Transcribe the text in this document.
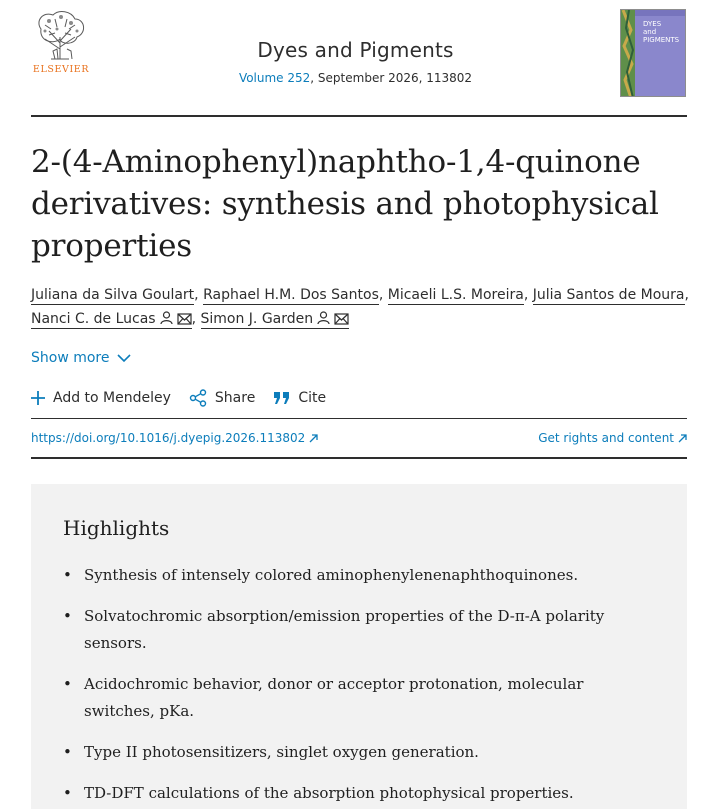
ELSEVIER
Dyes and Pigments
Volume 252, September 2026, 113802
DYES
and
PIGMENTS
2-(4-Aminophenyl)naphtho-1,4-quinone derivatives: synthesis and photophysical properties
Juliana da Silva Goulart, Raphael H.M. Dos Santos, Micaeli L.S. Moreira, Julia Santos de Moura,
Nanci C. de Lucas	, Simon J. Garden
Show more
Add to Mendeley	Share	Cite
https://doi.org/10.1016/j.dyepig.2026.113802	Get rights and content
Highlights
• Synthesis of intensely colored aminophenylenenaphthoquinones.
• Solvatochromic absorption/emission properties of the D-π-A polarity sensors.
• Acidochromic behavior, donor or acceptor protonation, molecular switches, pKa.
• Type II photosensitizers, singlet oxygen generation.
• TD-DFT calculations of the absorption photophysical properties.
